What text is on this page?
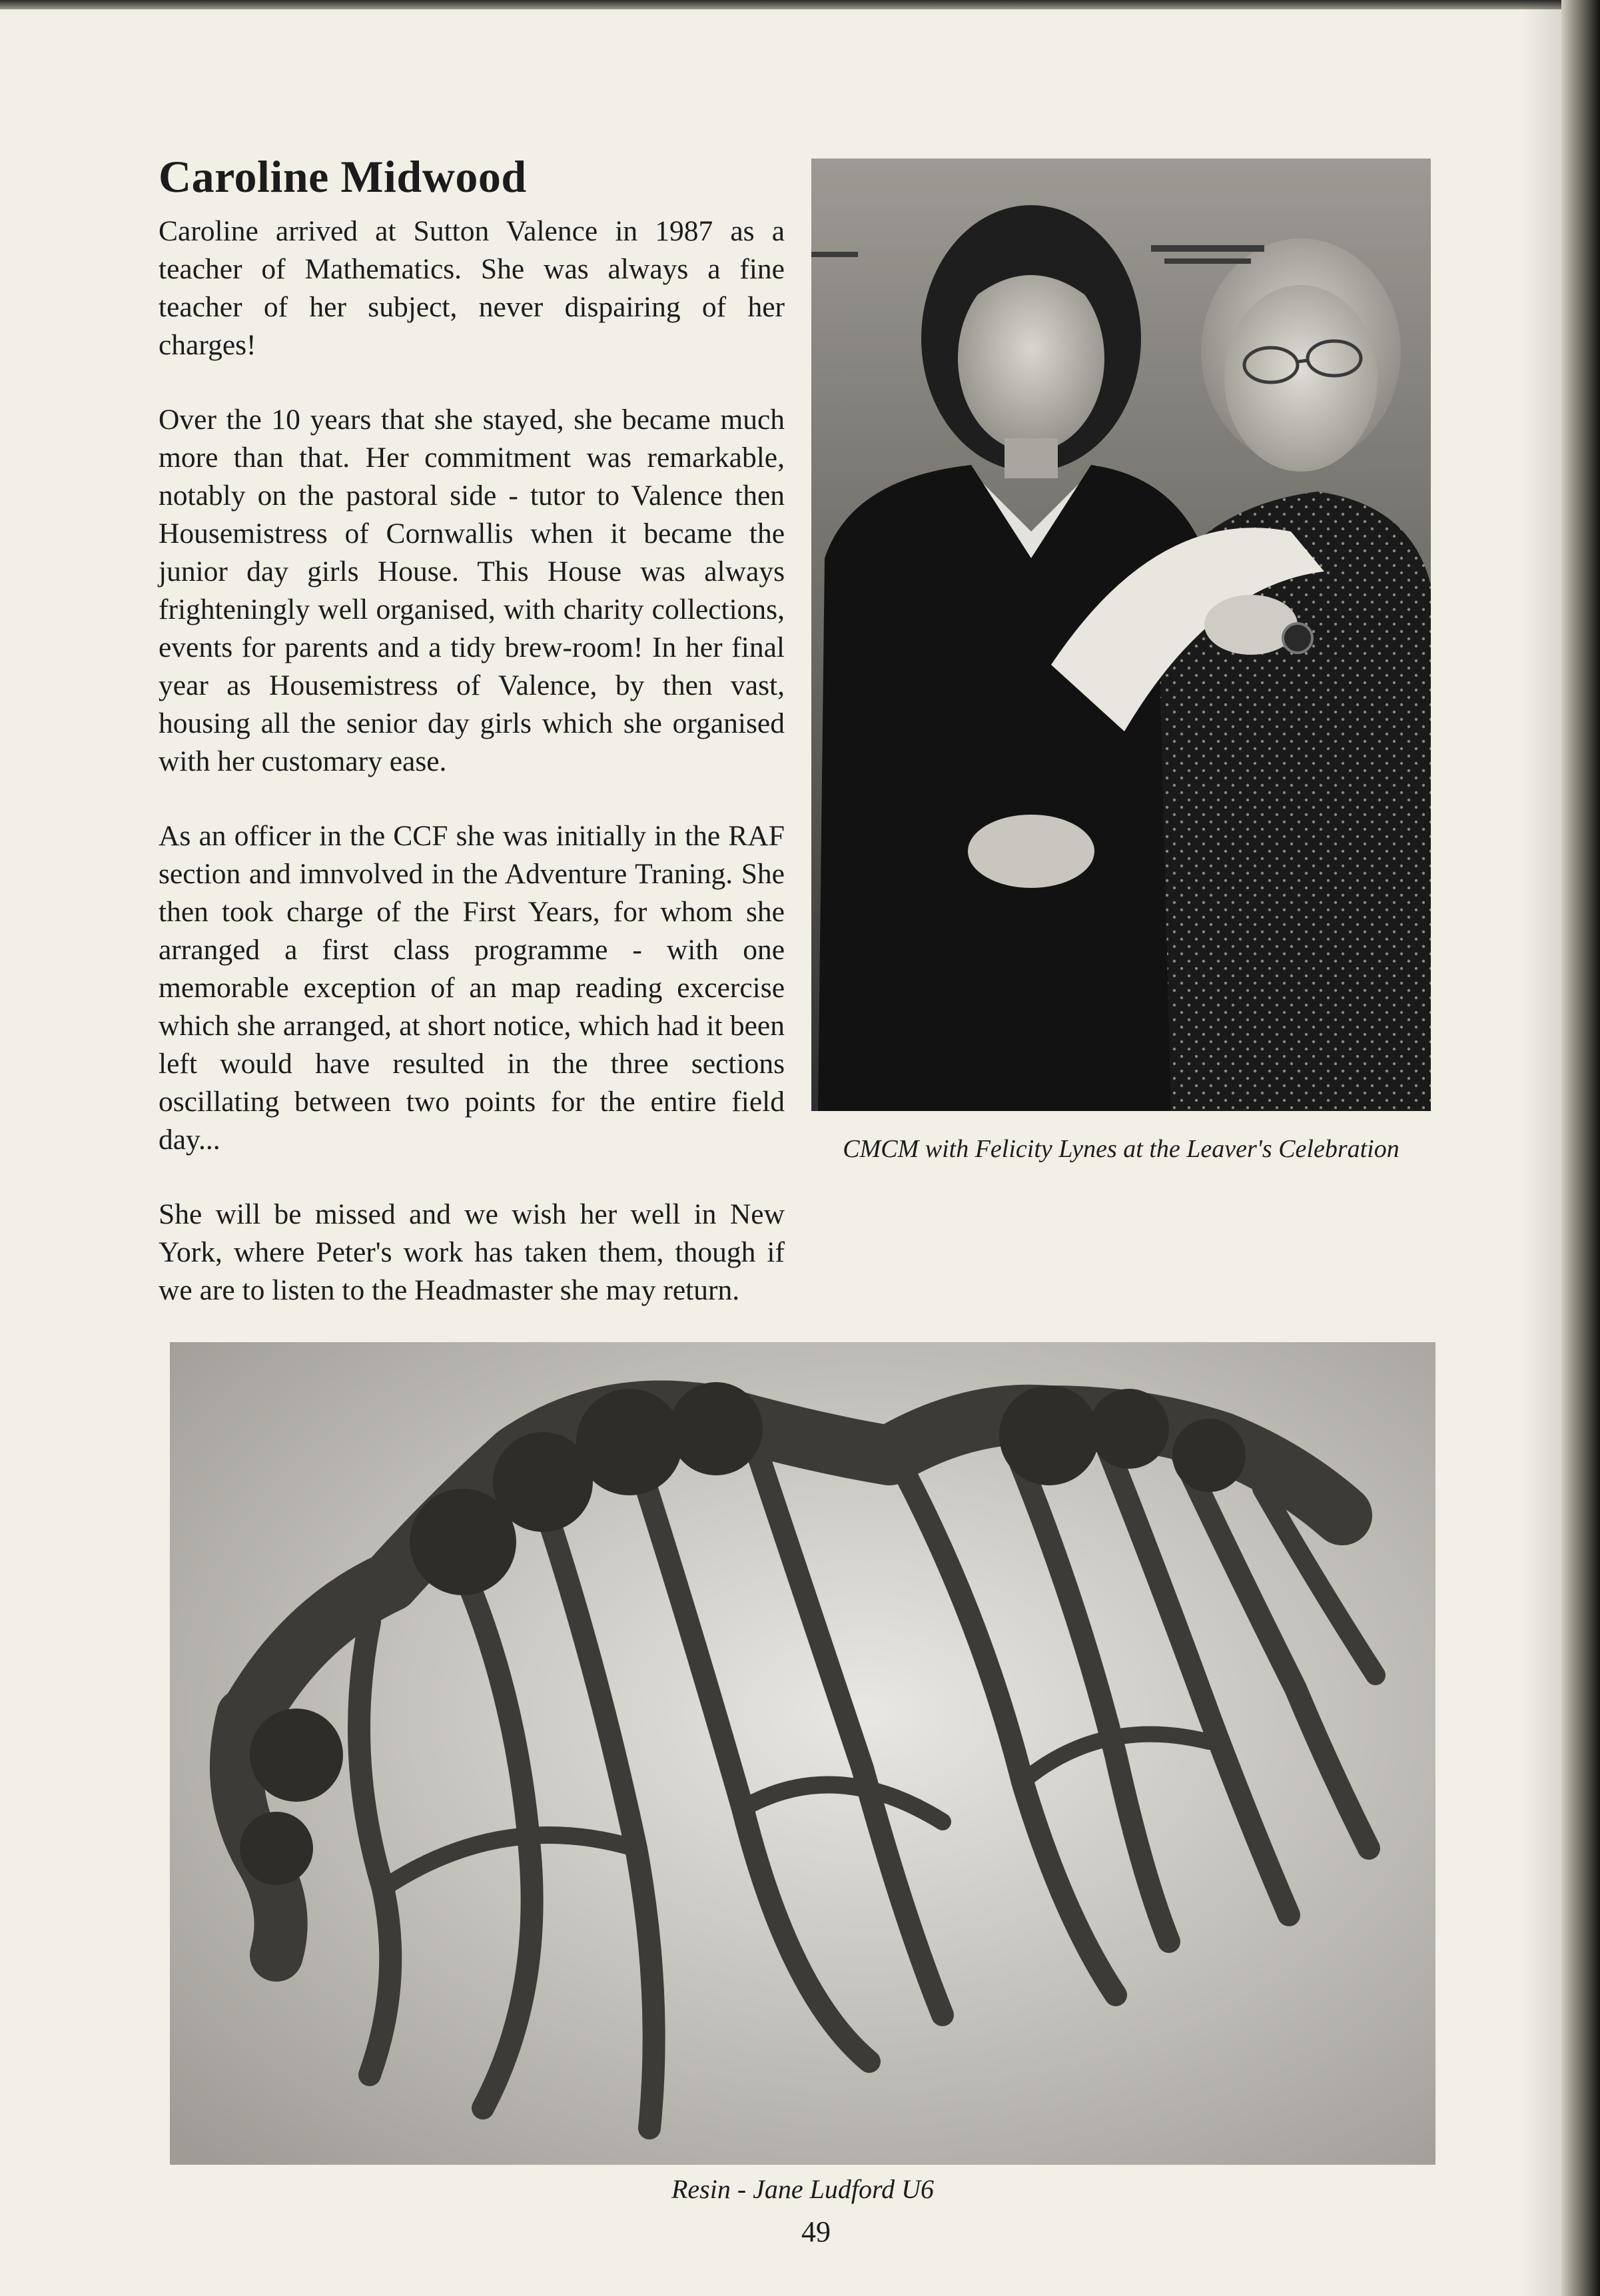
Caroline Midwood

Caroline arrived at Sutton Valence in 1987 as a teacher of Mathematics. She was always a fine teacher of her subject, never dispairing of her charges!

Over the 10 years that she stayed, she became much more than that. Her commitment was remarkable, notably on the pastoral side - tutor to Valence then Housemistress of Cornwallis when it became the junior day girls House. This House was always frighteningly well organised, with charity collections, events for parents and a tidy brew-room! In her final year as Housemistress of Valence, by then vast, housing all the senior day girls which she organised with her customary ease.

As an officer in the CCF she was initially in the RAF section and imnvolved in the Adventure Traning. She then took charge of the First Years, for whom she arranged a first class programme - with one memorable exception of an map reading excercise which she arranged, at short notice, which had it been left would have resulted in the three sections oscillating between two points for the entire field day...

She will be missed and we wish her well in New York, where Peter's work has taken them, though if we are to listen to the Headmaster she may return.

CMCM with Felicity Lynes at the Leaver's Celebration
Resin - Jane Ludford U6
49
